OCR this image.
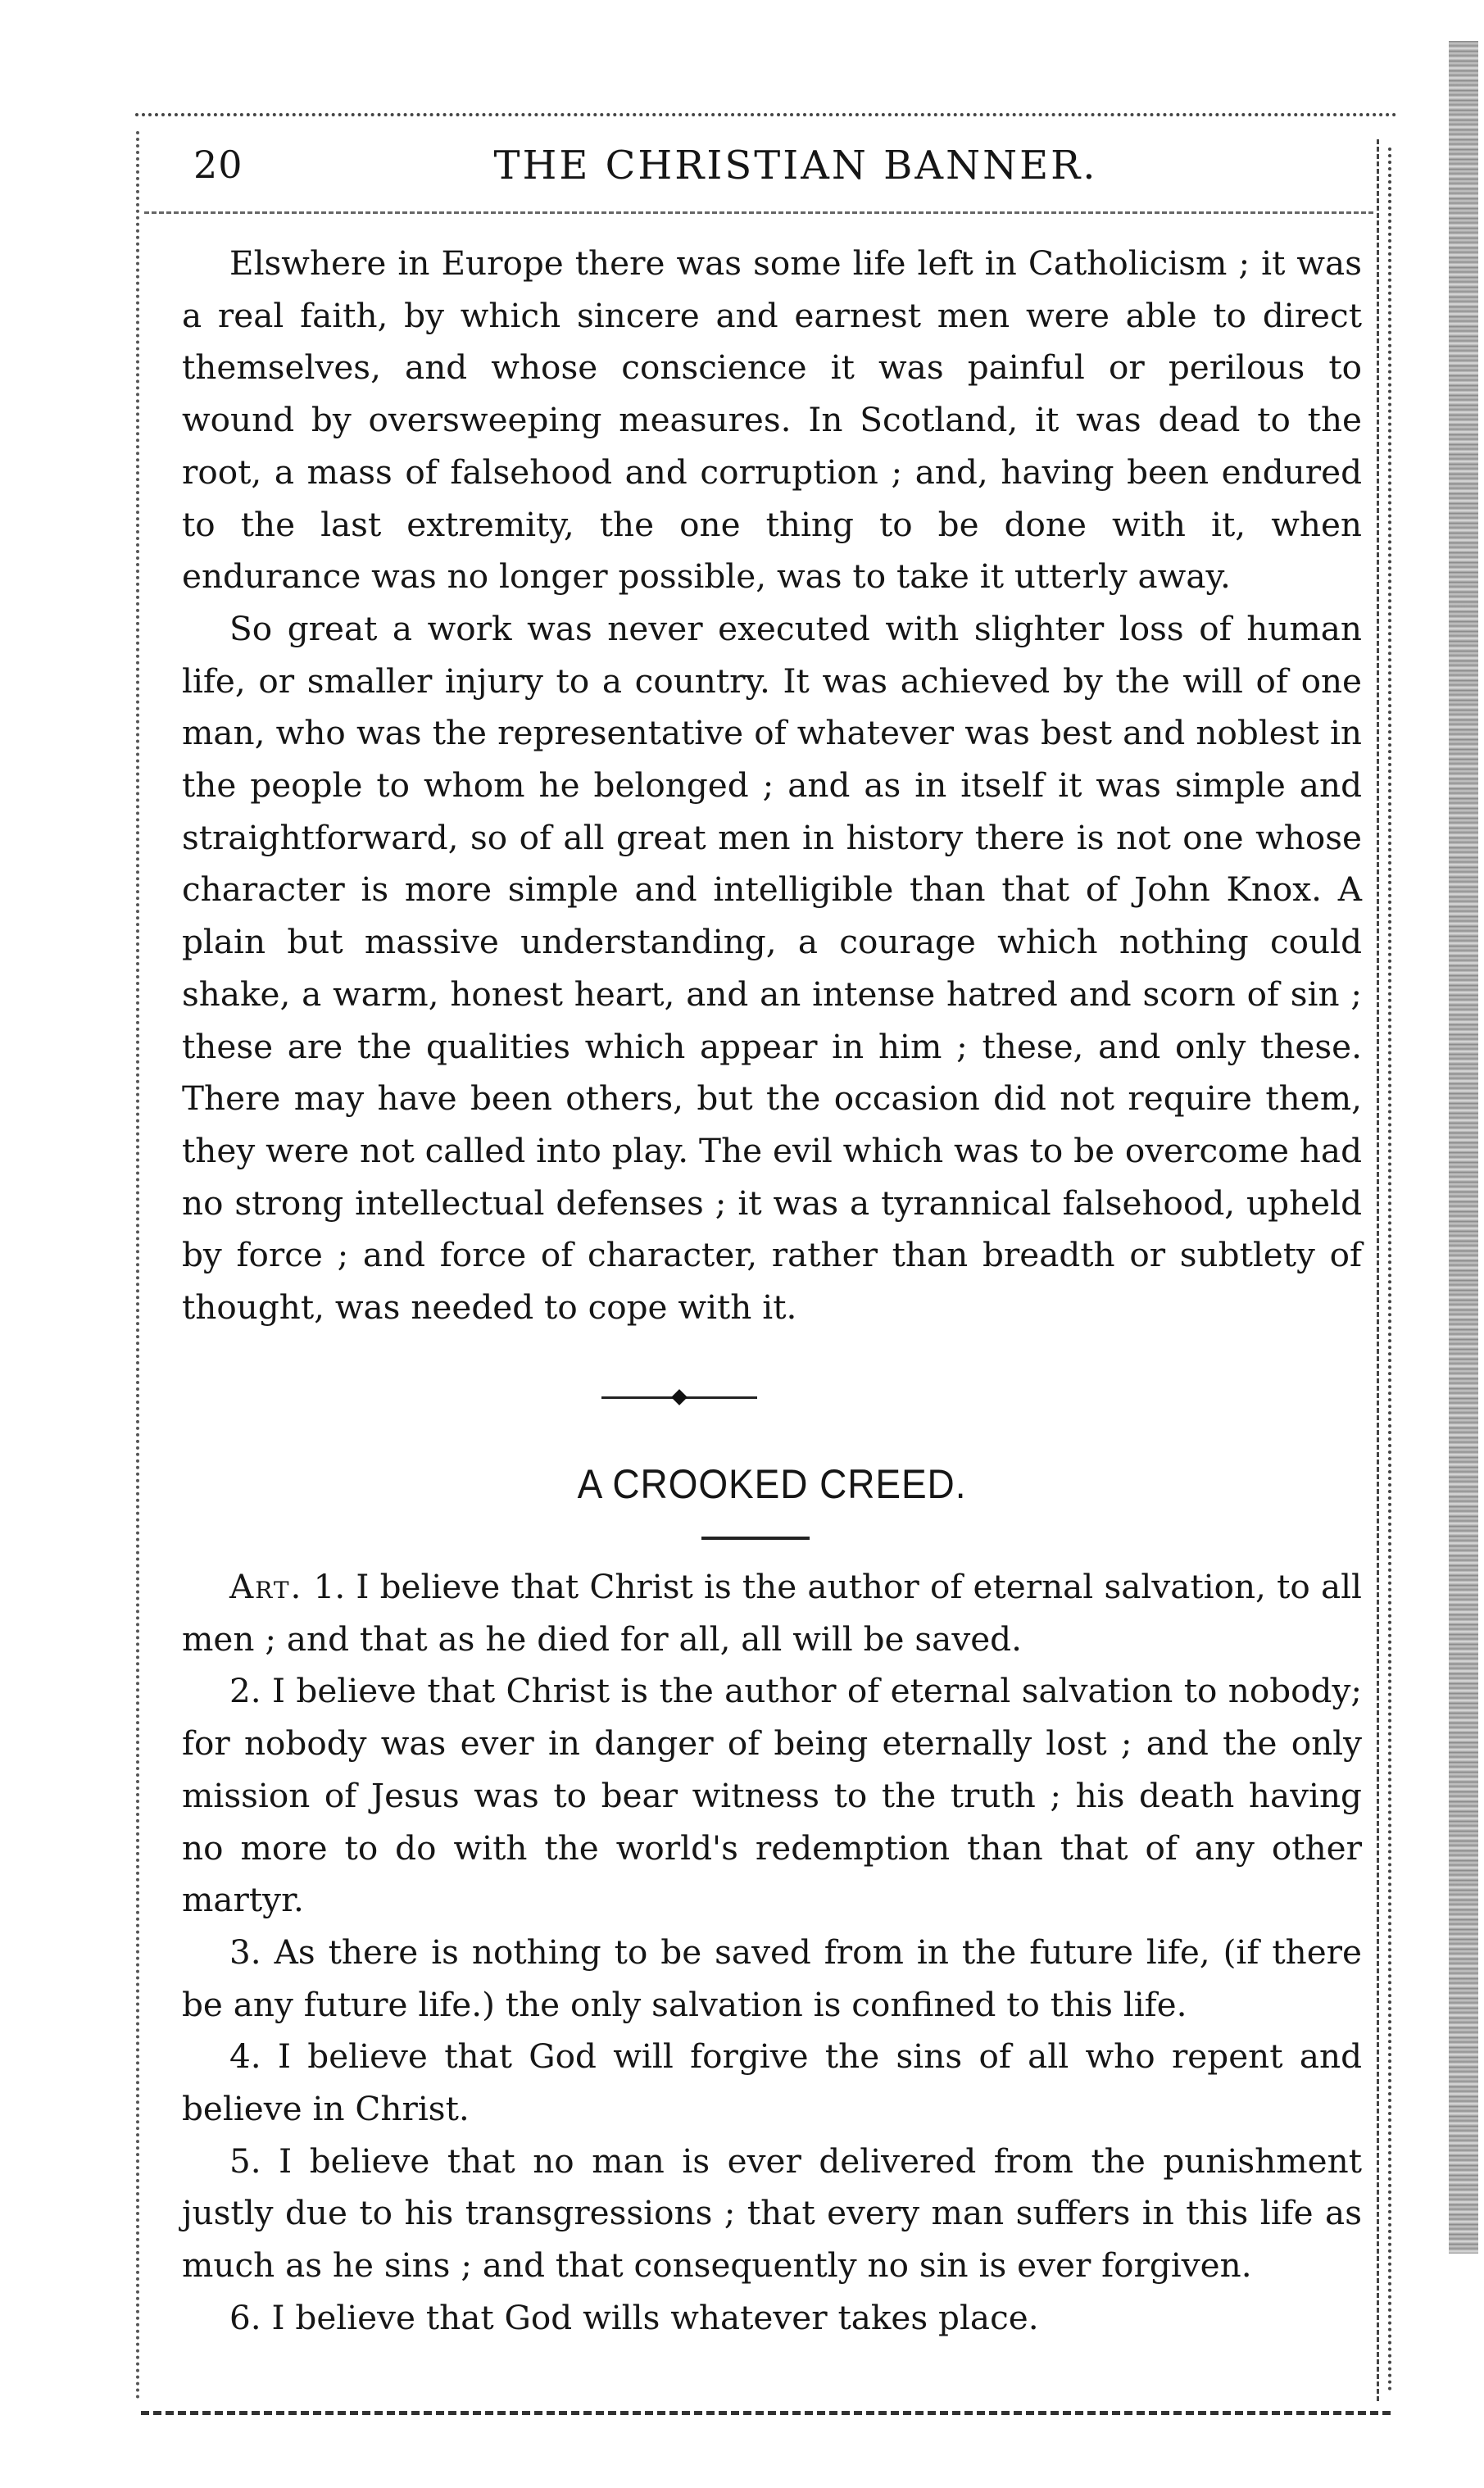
20	THE CHRISTIAN BANNER.

Elswhere in Europe there was some life left in Catholicism ; it was a real faith, by which sincere and earnest men were able to direct themselves, and whose conscience it was painful or perilous to wound by oversweeping measures. In Scotland, it was dead to the root, a mass of falsehood and corruption ; and, having been endured to the last extremity, the one thing to be done with it, when endurance was no longer possible, was to take it utterly away.

So great a work was never executed with slighter loss of human life, or smaller injury to a country. It was achieved by the will of one man, who was the representative of whatever was best and noblest in the people to whom he belonged ; and as in itself it was simple and straightforward, so of all great men in history there is not one whose character is more simple and intelligible than that of John Knox. A plain but massive understanding, a courage which nothing could shake, a warm, honest heart, and an intense hatred and scorn of sin ; these are the qualities which appear in him ; these, and only these. There may have been others, but the occasion did not require them, they were not called into play. The evil which was to be overcome had no strong intellectual defenses ; it was a tyrannical falsehood, upheld by force ; and force of character, rather than breadth or subtlety of thought, was needed to cope with it.

A CROOKED CREED.

Art. 1. I believe that Christ is the author of eternal salvation, to all men ; and that as he died for all, all will be saved.

2. I believe that Christ is the author of eternal salvation to nobody; for nobody was ever in danger of being eternally lost ; and the only mission of Jesus was to bear witness to the truth ; his death having no more to do with the world's redemption than that of any other martyr.

3. As there is nothing to be saved from in the future life, (if there be any future life.) the only salvation is confined to this life.

4. I believe that God will forgive the sins of all who repent and believe in Christ.

5. I believe that no man is ever delivered from the punishment justly due to his transgressions ; that every man suffers in this life as much as he sins ; and that consequently no sin is ever forgiven.

6. I believe that God wills whatever takes place.
